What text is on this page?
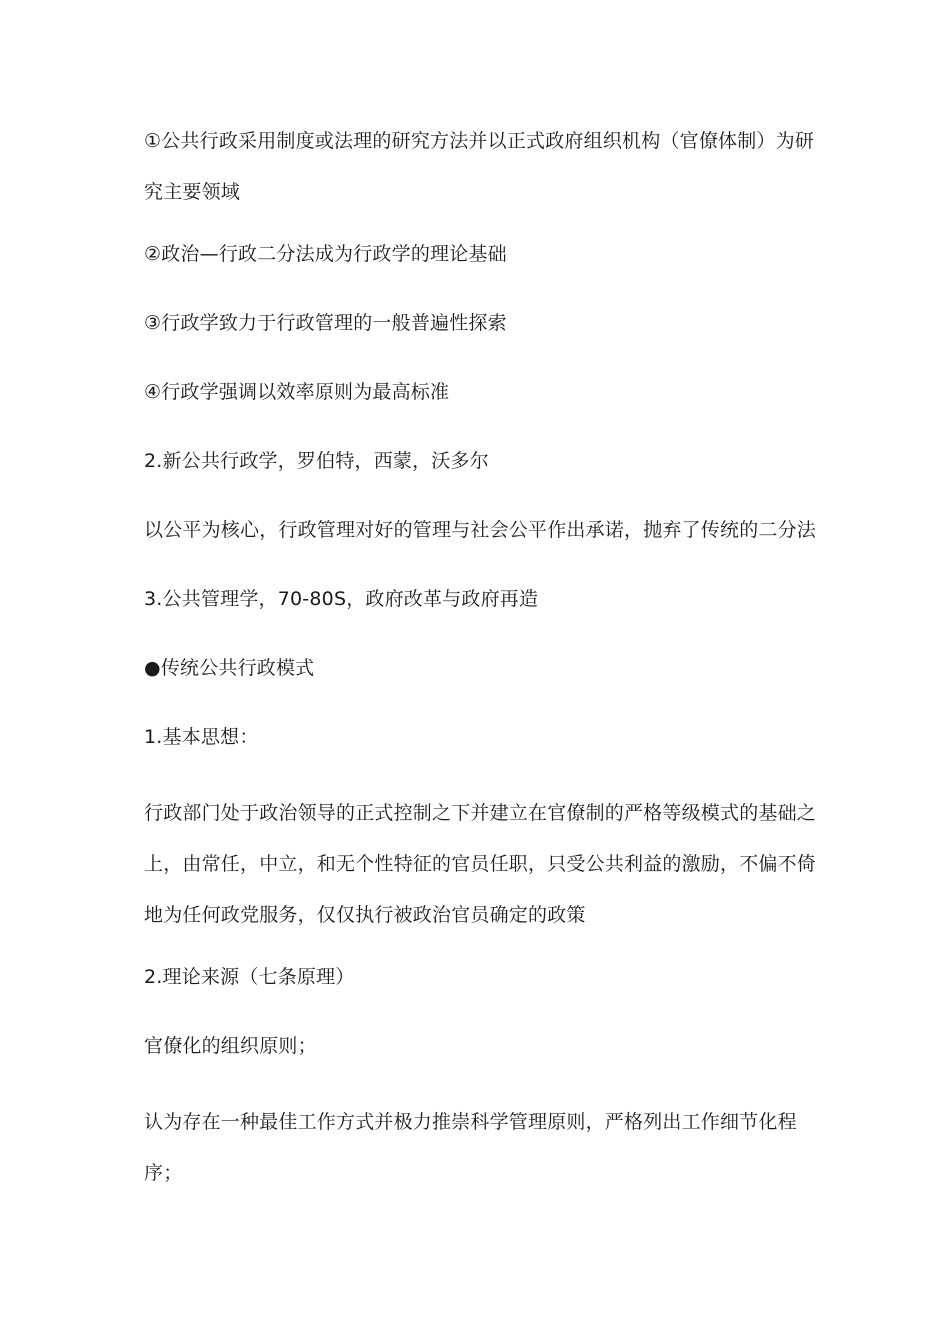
①公共行政采用制度或法理的研究方法并以正式政府组织机构（官僚体制）为研究主要领域

②政治—行政二分法成为行政学的理论基础

③行政学致力于行政管理的一般普遍性探索

④行政学强调以效率原则为最高标准

2.新公共行政学，罗伯特，西蒙，沃多尔

以公平为核心，行政管理对好的管理与社会公平作出承诺，抛弃了传统的二分法

3.公共管理学，70-80S，政府改革与政府再造

●传统公共行政模式

1.基本思想：

行政部门处于政治领导的正式控制之下并建立在官僚制的严格等级模式的基础之上，由常任，中立，和无个性特征的官员任职，只受公共利益的激励，不偏不倚地为任何政党服务，仅仅执行被政治官员确定的政策

2.理论来源（七条原理）

官僚化的组织原则；

认为存在一种最佳工作方式并极力推崇科学管理原则，严格列出工作细节化程序；
